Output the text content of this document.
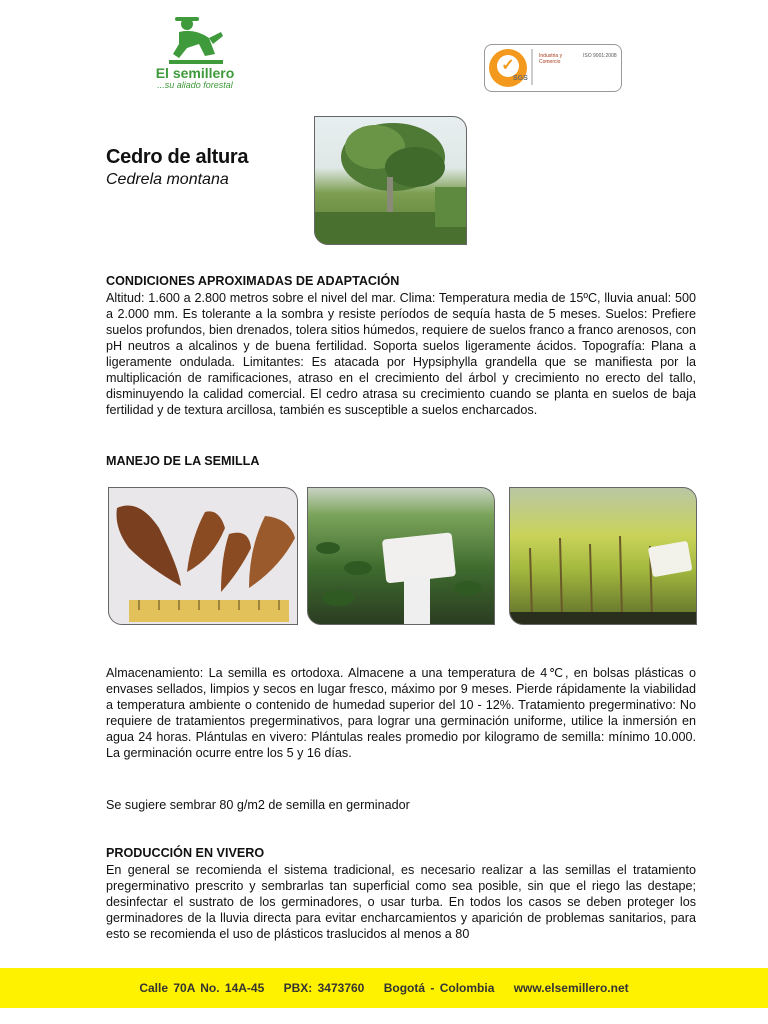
El semillero
...su aliado forestal
✓
SGS
Industria y Comercio
ISO 9001:2008
Cedro de altura
Cedrela montana
CONDICIONES APROXIMADAS DE ADAPTACIÓN
Altitud: 1.600 a 2.800 metros sobre el nivel del mar. Clima: Temperatura media de 15ºC, lluvia anual: 500 a 2.000 mm. Es tolerante a la sombra y resiste períodos de sequía hasta de 5 meses. Suelos: Prefiere suelos profundos, bien drenados, tolera sitios húmedos, requiere de suelos franco a franco arenosos, con pH neutros a alcalinos y de buena fertilidad. Soporta suelos ligeramente ácidos. Topografía: Plana a ligeramente ondulada. Limitantes: Es atacada por Hypsiphylla grandella que se manifiesta por la multiplicación de ramificaciones, atraso en el crecimiento del árbol y crecimiento no erecto del tallo, disminuyendo la calidad comercial. El cedro atrasa su crecimiento cuando se planta en suelos de baja fertilidad y de textura arcillosa, también es susceptible a suelos encharcados.
MANEJO DE LA SEMILLA
Almacenamiento: La semilla es ortodoxa. Almacene a una temperatura de 4℃, en bolsas plásticas o envases sellados, limpios y secos en lugar fresco, máximo por 9 meses. Pierde rápidamente la viabilidad a temperatura ambiente o contenido de humedad superior del 10 - 12%. Tratamiento pregerminativo: No requiere de tratamientos pregerminativos, para lograr una germinación uniforme, utilice la inmersión en agua 24 horas. Plántulas en vivero: Plántulas reales promedio por kilogramo de semilla: mínimo 10.000. La germinación ocurre entre los 5 y 16 días.
Se sugiere sembrar 80 g/m2 de semilla en germinador
PRODUCCIÓN EN VIVERO
En general se recomienda el sistema tradicional, es necesario realizar a las semillas el tratamiento pregerminativo prescrito y sembrarlas tan superficial como sea posible, sin que el riego las destape; desinfectar el sustrato de los germinadores, o usar turba. En todos los casos se deben proteger los germinadores de la lluvia directa para evitar encharcamientos y aparición de problemas sanitarios, para esto se recomienda el uso de plásticos traslucidos al menos a 80
Calle 70A No. 14A-45 PBX: 3473760 Bogotá - Colombia www.elsemillero.net
